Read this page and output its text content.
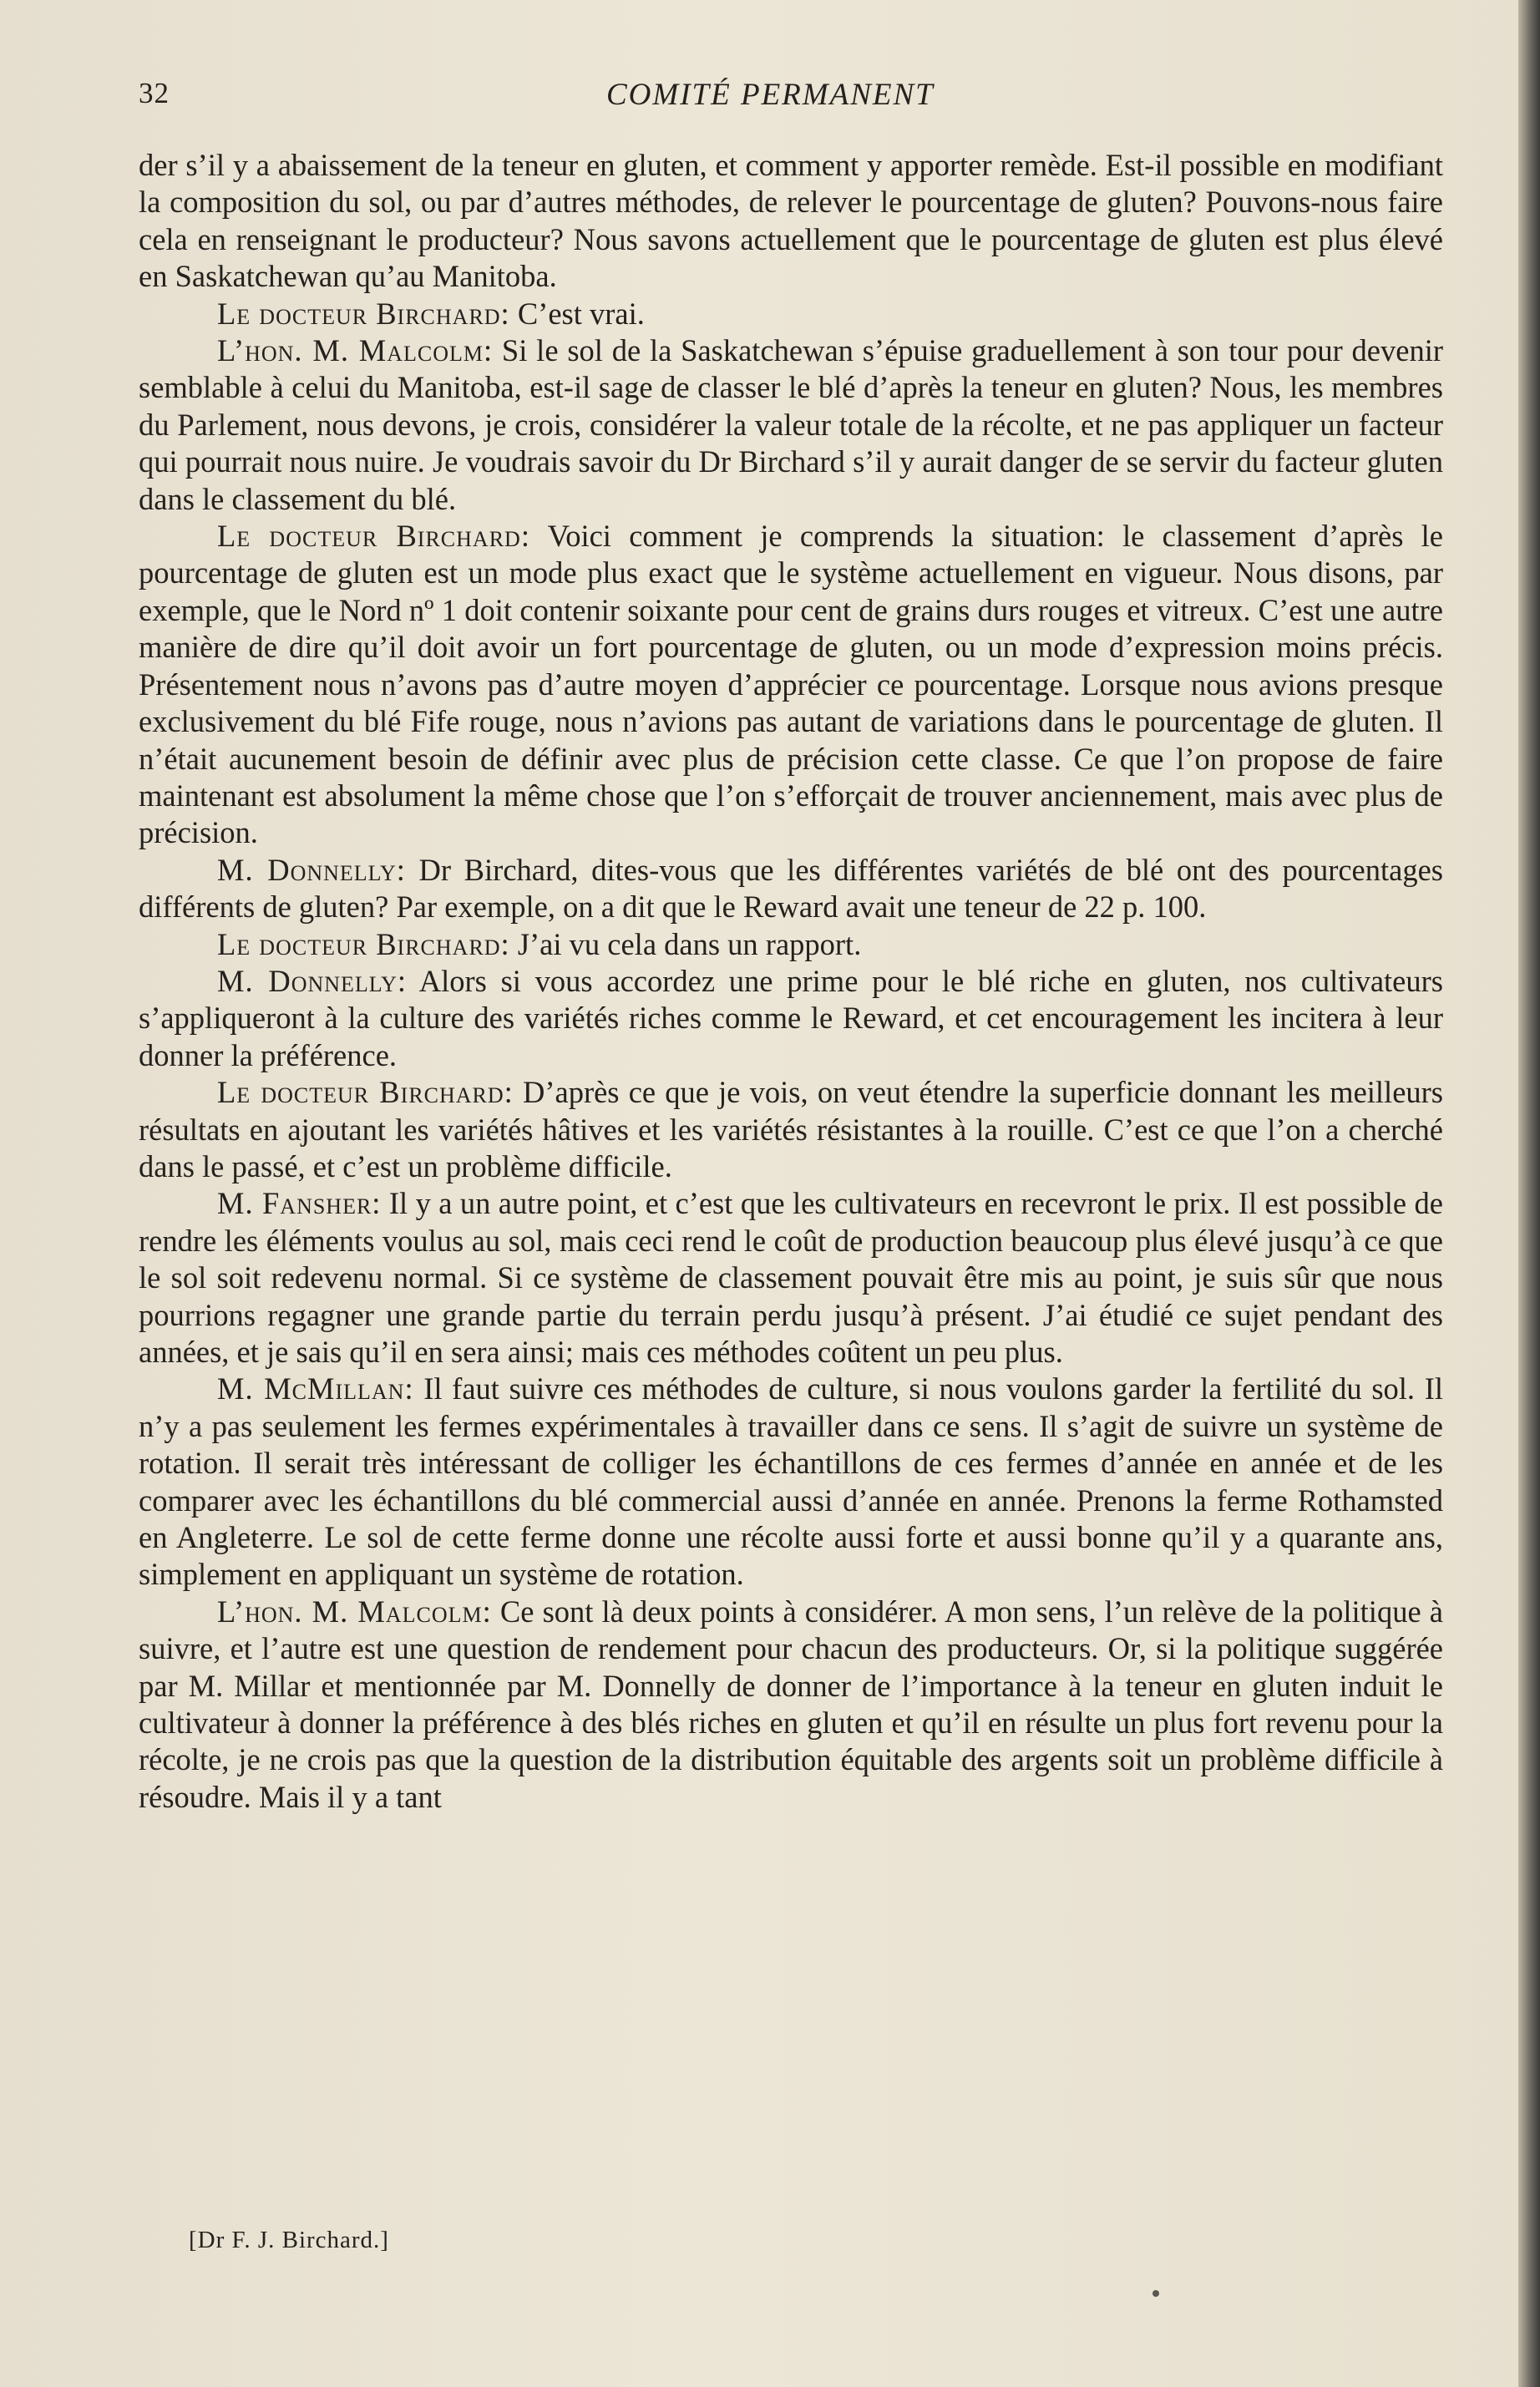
32	COMITÉ PERMANENT

der s’il y a abaissement de la teneur en gluten, et comment y apporter remède. Est-il possible en modifiant la composition du sol, ou par d’autres méthodes, de relever le pourcentage de gluten? Pouvons-nous faire cela en renseignant le producteur? Nous savons actuellement que le pourcentage de gluten est plus élevé en Saskatchewan qu’au Manitoba.

Le docteur Birchard: C’est vrai.

L’hon. M. Malcolm: Si le sol de la Saskatchewan s’épuise graduellement à son tour pour devenir semblable à celui du Manitoba, est-il sage de classer le blé d’après la teneur en gluten? Nous, les membres du Parlement, nous devons, je crois, considérer la valeur totale de la récolte, et ne pas appliquer un facteur qui pourrait nous nuire. Je voudrais savoir du Dr Birchard s’il y aurait danger de se servir du facteur gluten dans le classement du blé.

Le docteur Birchard: Voici comment je comprends la situation: le classement d’après le pourcentage de gluten est un mode plus exact que le système actuellement en vigueur. Nous disons, par exemple, que le Nord nº 1 doit contenir soixante pour cent de grains durs rouges et vitreux. C’est une autre manière de dire qu’il doit avoir un fort pourcentage de gluten, ou un mode d’expression moins précis. Présentement nous n’avons pas d’autre moyen d’apprécier ce pourcentage. Lorsque nous avions presque exclusivement du blé Fife rouge, nous n’avions pas autant de variations dans le pourcentage de gluten. Il n’était aucunement besoin de définir avec plus de précision cette classe. Ce que l’on propose de faire maintenant est absolument la même chose que l’on s’efforçait de trouver anciennement, mais avec plus de précision.

M. Donnelly: Dr Birchard, dites-vous que les différentes variétés de blé ont des pourcentages différents de gluten? Par exemple, on a dit que le Reward avait une teneur de 22 p. 100.

Le docteur Birchard: J’ai vu cela dans un rapport.

M. Donnelly: Alors si vous accordez une prime pour le blé riche en gluten, nos cultivateurs s’appliqueront à la culture des variétés riches comme le Reward, et cet encouragement les incitera à leur donner la préférence.

Le docteur Birchard: D’après ce que je vois, on veut étendre la superficie donnant les meilleurs résultats en ajoutant les variétés hâtives et les variétés résistantes à la rouille. C’est ce que l’on a cherché dans le passé, et c’est un problème difficile.

M. Fansher: Il y a un autre point, et c’est que les cultivateurs en recevront le prix. Il est possible de rendre les éléments voulus au sol, mais ceci rend le coût de production beaucoup plus élevé jusqu’à ce que le sol soit redevenu normal. Si ce système de classement pouvait être mis au point, je suis sûr que nous pourrions regagner une grande partie du terrain perdu jusqu’à présent. J’ai étudié ce sujet pendant des années, et je sais qu’il en sera ainsi; mais ces méthodes coûtent un peu plus.

M. McMillan: Il faut suivre ces méthodes de culture, si nous voulons garder la fertilité du sol. Il n’y a pas seulement les fermes expérimentales à travailler dans ce sens. Il s’agit de suivre un système de rotation. Il serait très intéressant de colliger les échantillons de ces fermes d’année en année et de les comparer avec les échantillons du blé commercial aussi d’année en année. Prenons la ferme Rothamsted en Angleterre. Le sol de cette ferme donne une récolte aussi forte et aussi bonne qu’il y a quarante ans, simplement en appliquant un système de rotation.

L’hon. M. Malcolm: Ce sont là deux points à considérer. A mon sens, l’un relève de la politique à suivre, et l’autre est une question de rendement pour chacun des producteurs. Or, si la politique suggérée par M. Millar et mentionnée par M. Donnelly de donner de l’importance à la teneur en gluten induit le cultivateur à donner la préférence à des blés riches en gluten et qu’il en résulte un plus fort revenu pour la récolte, je ne crois pas que la question de la distribution équitable des argents soit un problème difficile à résoudre. Mais il y a tant

[Dr F. J. Birchard.]
